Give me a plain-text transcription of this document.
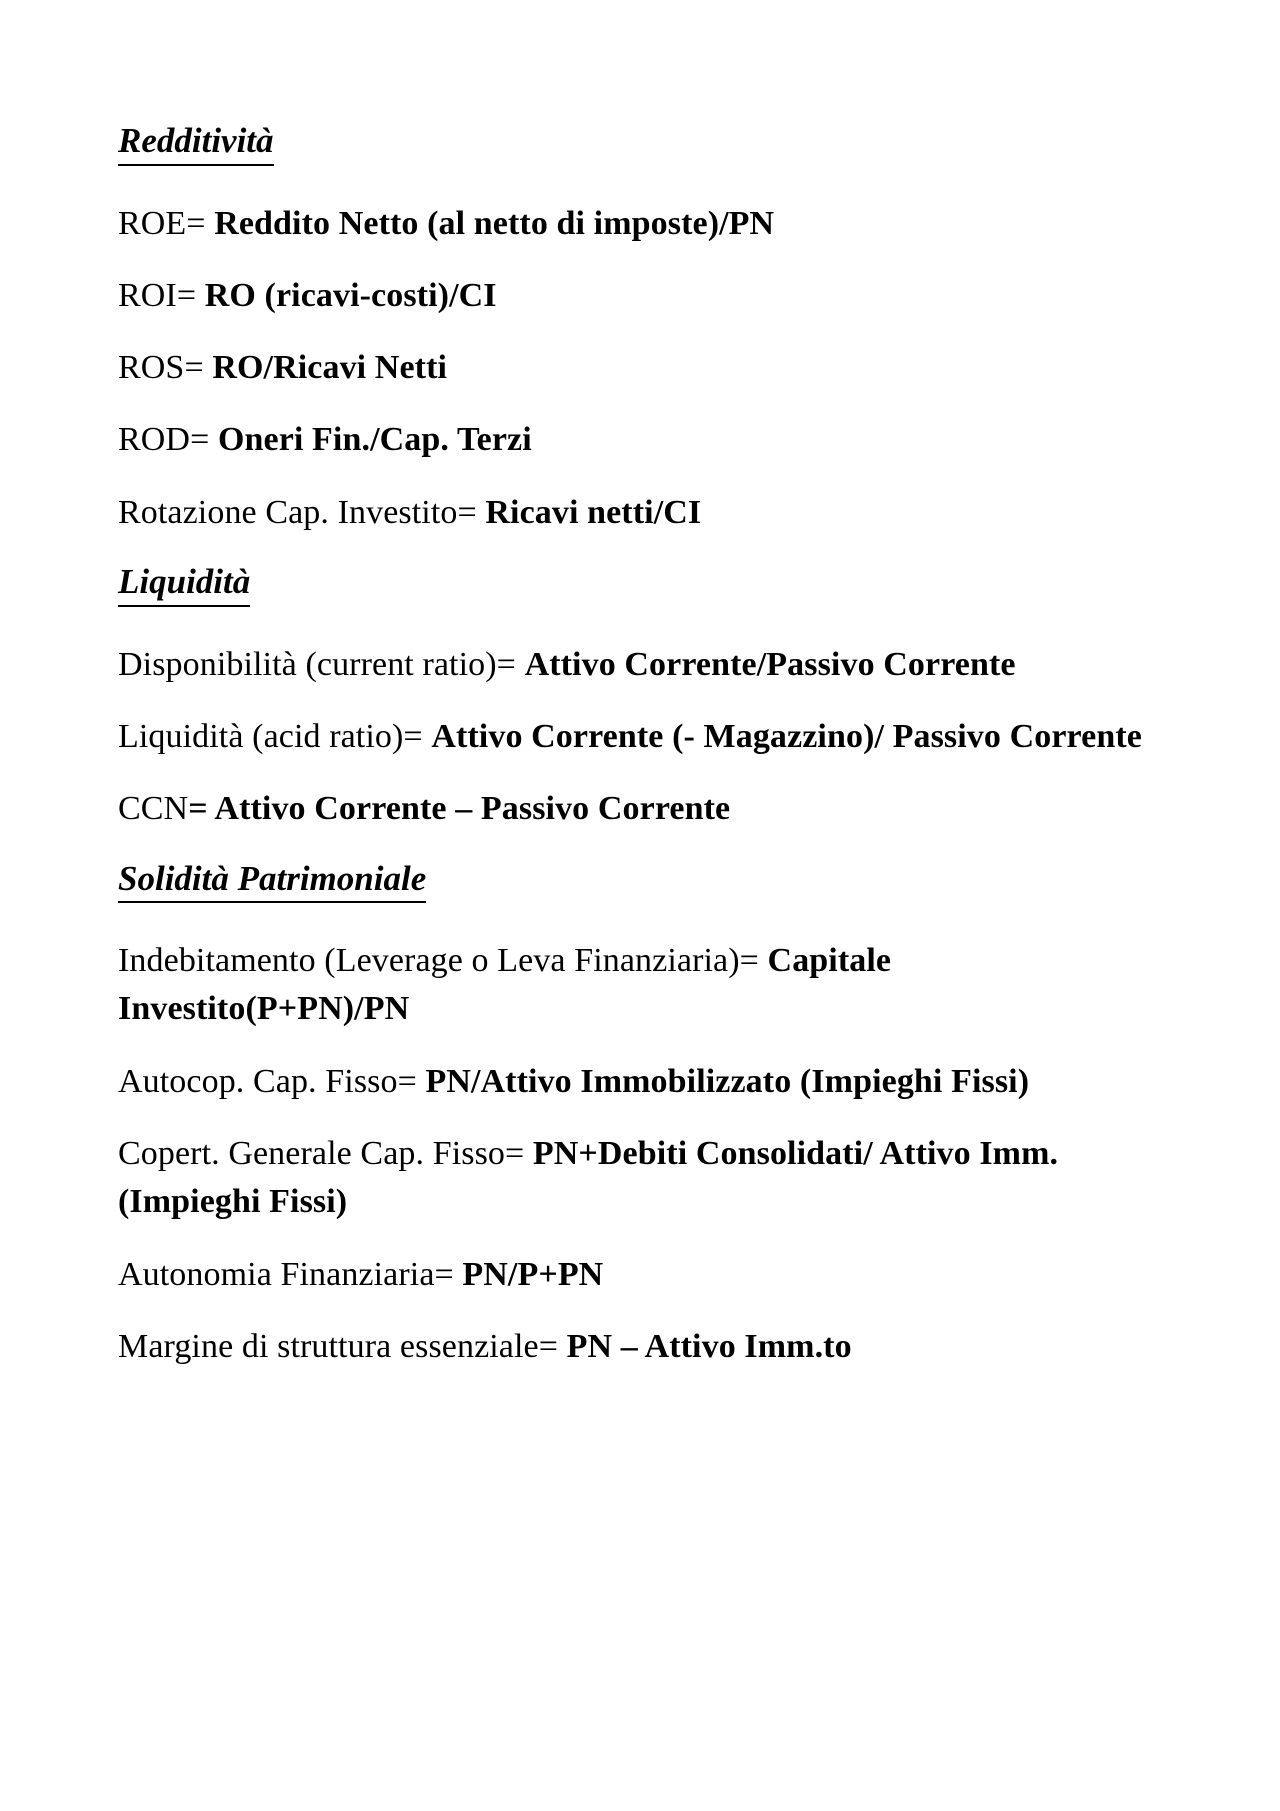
Redditività

ROE= Reddito Netto (al netto di imposte)/PN

ROI= RO (ricavi-costi)/CI

ROS= RO/Ricavi Netti

ROD= Oneri Fin./Cap. Terzi

Rotazione Cap. Investito= Ricavi netti/CI

Liquidità

Disponibilità (current ratio)= Attivo Corrente/Passivo Corrente

Liquidità (acid ratio)= Attivo Corrente (- Magazzino)/ Passivo Corrente

CCN= Attivo Corrente – Passivo Corrente

Solidità Patrimoniale

Indebitamento (Leverage o Leva Finanziaria)= Capitale Investito(P+PN)/PN

Autocop. Cap. Fisso= PN/Attivo Immobilizzato (Impieghi Fissi)

Copert. Generale Cap. Fisso= PN+Debiti Consolidati/ Attivo Imm. (Impieghi Fissi)

Autonomia Finanziaria= PN/P+PN

Margine di struttura essenziale= PN – Attivo Imm.to
